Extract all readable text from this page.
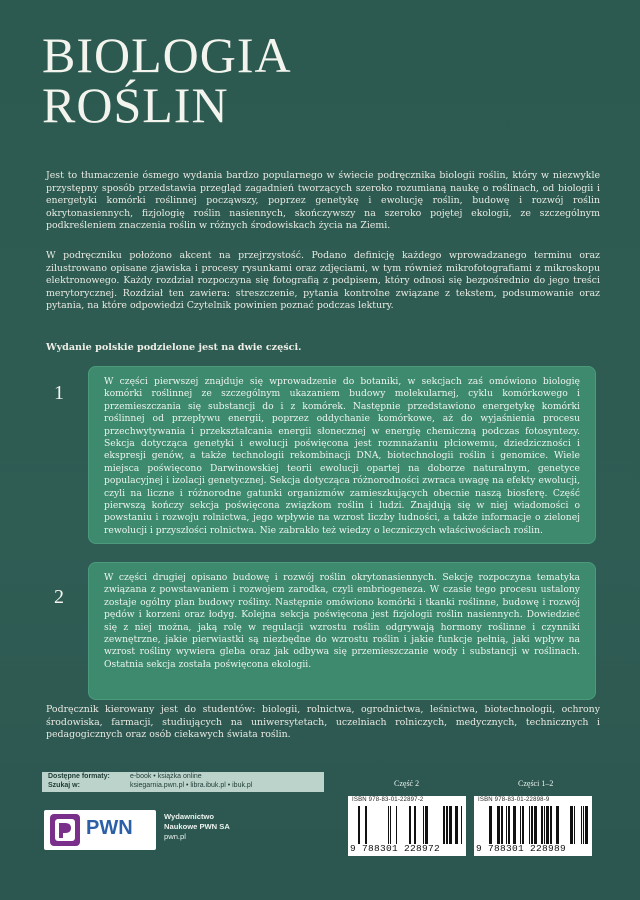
BIOLOGIA
ROŚLIN
Jest to tłumaczenie ósmego wydania bardzo popularnego w świecie podręcznika biologii roślin, który w niezwykle przystępny sposób przedstawia przegląd zagadnień tworzących szeroko rozumianą naukę o roślinach, od biologii i energetyki komórki roślinnej począwszy, poprzez genetykę i ewolucję roślin, budowę i rozwój roślin okrytonasiennych, fizjologię roślin nasiennych, skończywszy na szeroko pojętej ekologii, ze szczególnym podkreśleniem znaczenia roślin w różnych środowiskach życia na Ziemi.
W podręczniku położono akcent na przejrzystość. Podano definicję każdego wprowadzanego terminu oraz zilustrowano opisane zjawiska i procesy rysunkami oraz zdjęciami, w tym również mikrofotografiami z mikroskopu elektronowego. Każdy rozdział rozpoczyna się fotografią z podpisem, który odnosi się bezpośrednio do jego treści merytorycznej. Rozdział ten zawiera: streszczenie, pytania kontrolne związane z tekstem, podsumowanie oraz pytania, na które odpowiedzi Czytelnik powinien poznać podczas lektury.
Wydanie polskie podzielone jest na dwie części.
1
W części pierwszej znajduje się wprowadzenie do botaniki, w sekcjach zaś omówiono biologię komórki roślinnej ze szczególnym ukazaniem budowy molekularnej, cyklu komórkowego i przemieszczania się substancji do i z komórek. Następnie przedstawiono energetykę komórki roślinnej od przepływu energii, poprzez oddychanie komórkowe, aż do wyjaśnienia procesu przechwytywania i przekształcania energii słonecznej w energię chemiczną podczas fotosyntezy. Sekcja dotycząca genetyki i ewolucji poświęcona jest rozmnażaniu płciowemu, dziedziczności i ekspresji genów, a także technologii rekombinacji DNA, biotechnologii roślin i genomice. Wiele miejsca poświęcono Darwinowskiej teorii ewolucji opartej na doborze naturalnym, genetyce populacyjnej i izolacji genetycznej. Sekcja dotycząca różnorodności zwraca uwagę na efekty ewolucji, czyli na liczne i różnorodne gatunki organizmów zamieszkujących obecnie naszą biosferę. Część pierwszą kończy sekcja poświęcona związkom roślin i ludzi. Znajdują się w niej wiadomości o powstaniu i rozwoju rolnictwa, jego wpływie na wzrost liczby ludności, a także informacje o zielonej rewolucji i przyszłości rolnictwa. Nie zabrakło też wiedzy o leczniczych właściwościach roślin.
2
W części drugiej opisano budowę i rozwój roślin okrytonasiennych. Sekcję rozpoczyna tematyka związana z powstawaniem i rozwojem zarodka, czyli embriogeneza. W czasie tego procesu ustalony zostaje ogólny plan budowy rośliny. Następnie omówiono komórki i tkanki roślinne, budowę i rozwój pędów i korzeni oraz łodyg. Kolejna sekcja poświęcona jest fizjologii roślin nasiennych. Dowiedzieć się z niej można, jaką rolę w regulacji wzrostu roślin odgrywają hormony roślinne i czynniki zewnętrzne, jakie pierwiastki są niezbędne do wzrostu roślin i jakie funkcje pełnią, jaki wpływ na wzrost rośliny wywiera gleba oraz jak odbywa się przemieszczanie wody i substancji w roślinach. Ostatnia sekcja została poświęcona ekologii.
Podręcznik kierowany jest do studentów: biologii, rolnictwa, ogrodnictwa, leśnictwa, biotechnologii, ochrony środowiska, farmacji, studiujących na uniwersytetach, uczelniach rolniczych, medycznych, technicznych i pedagogicznych oraz osób ciekawych świata roślin.
Dostępne formaty:	e-book • książka online
Szukaj w:	ksiegarnia.pwn.pl • libra.ibuk.pl • ibuk.pl
PWN
Wydawnictwo
Naukowe PWN SA
pwn.pl
Część 2	Części 1–2
ISBN 978-83-01-22897-2
9 788301 228972
ISBN 978-83-01-22898-9
9 788301 228989
